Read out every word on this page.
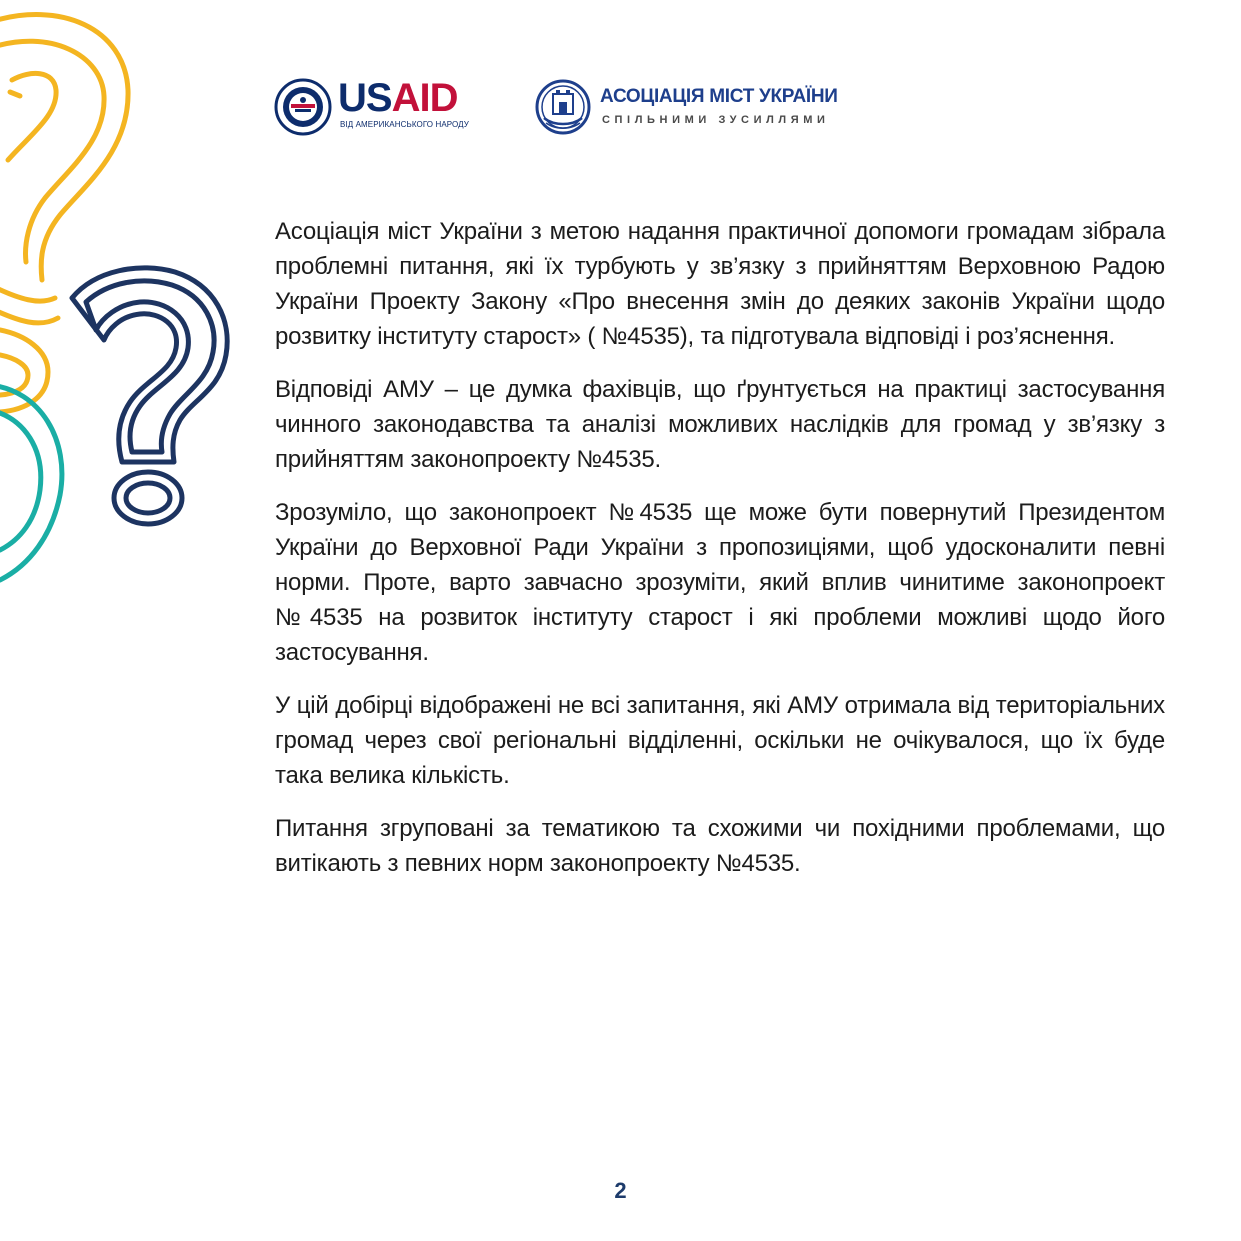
USAID
ВІД АМЕРИКАНСЬКОГО НАРОДУ
АСОЦІАЦІЯ МІСТ УКРАЇНИ
СПІЛЬНИМИ ЗУСИЛЛЯМИ

Асоціація міст України з метою надання практичної допомоги громадам зібрала проблемні питання, які їх турбують у зв’язку з прийняттям Верховною Радою України Проекту Закону «Про внесення змін до деяких законів України щодо розвитку інституту старост» ( №4535), та підготувала відповіді і роз’яснення.

Відповіді АМУ – це думка фахівців, що ґрунтується на практиці застосування чинного законодавства та аналізі можливих наслідків для громад у зв’язку з прийняттям законопроекту №4535.

Зрозуміло, що законопроект №4535 ще може бути повернутий Президентом України до Верховної Ради України з пропозиціями, щоб удосконалити певні норми. Проте, варто завчасно зрозуміти, який вплив чинитиме законопроект №4535 на розвиток інституту старост і які проблеми можливі щодо його застосування.

У цій добірці відображені не всі запитання, які АМУ отримала від територіальних громад через свої регіональні відділенні, оскільки не очікувалося, що їх буде така велика кількість.

Питання згруповані за тематикою та схожими чи похідними проблемами, що витікають з певних норм законопроекту №4535.

2
